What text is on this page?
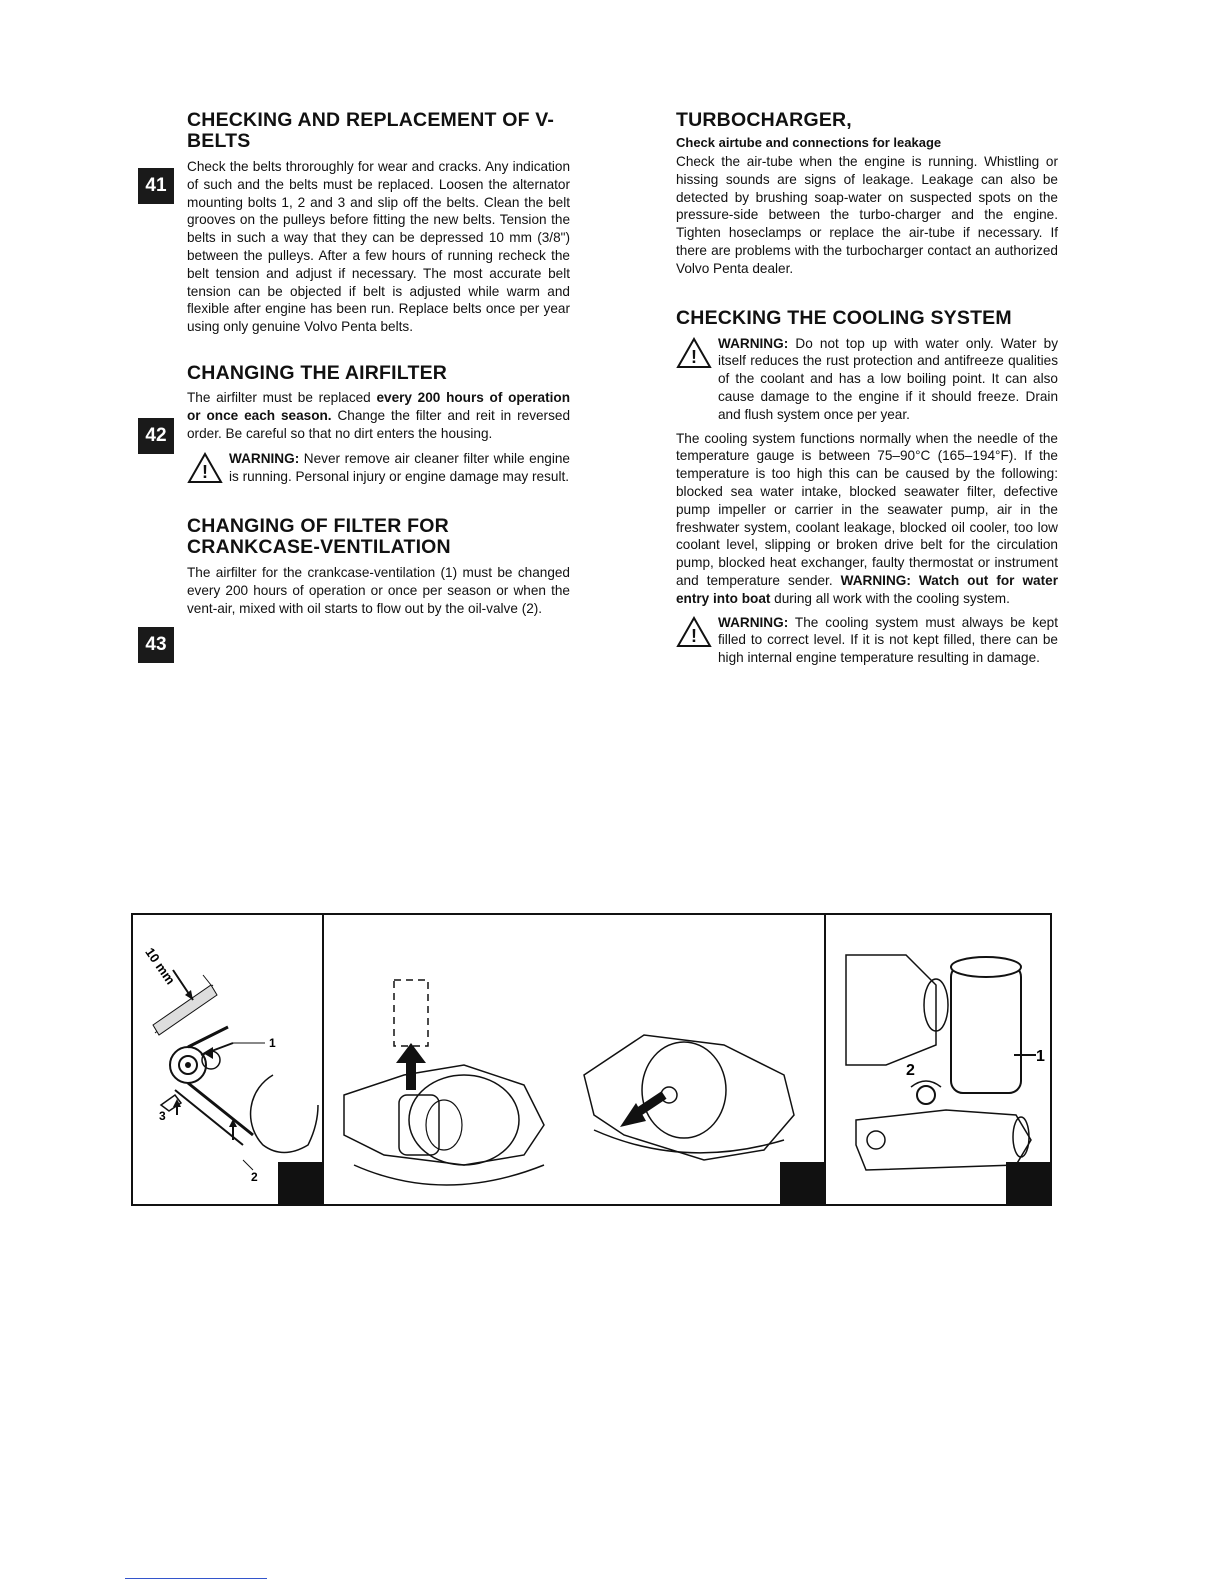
CHECKING AND REPLACEMENT OF V-BELTS

Check the belts throroughly for wear and cracks. Any indication of such and the belts must be replaced. Loosen the alternator mounting bolts 1, 2 and 3 and slip off the belts. Clean the belt grooves on the pulleys before fitting the new belts. Tension the belts in such a way that they can be depressed 10 mm (3/8") between the pulleys. After a few hours of running recheck the belt tension and adjust if necessary. The most accurate belt tension can be objected if belt is adjusted while warm and flexible after engine has been run. Replace belts once per year using only genuine Volvo Penta belts.

CHANGING THE AIRFILTER

The airfilter must be replaced every 200 hours of operation or once each season. Change the filter and reit in reversed order. Be careful so that no dirt enters the housing.

!

WARNING: Never remove air cleaner filter while engine is running. Personal injury or engine damage may result.

CHANGING OF FILTER FOR CRANKCASE-VENTILATION

The airfilter for the crankcase-ventilation (1) must be changed every 200 hours of operation or once per season or when the vent-air, mixed with oil starts to flow out by the oil-valve (2).

41
42
43
TURBOCHARGER,
Check airtube and connections for leakage

Check the air-tube when the engine is running. Whistling or hissing sounds are signs of leakage. Leakage can also be detected by brushing soap-water on suspected spots on the pressure-side between the turbo-charger and the engine. Tighten hoseclamps or replace the air-tube if necessary. If there are problems with the turbocharger contact an authorized Volvo Penta dealer.

CHECKING THE COOLING SYSTEM
!

WARNING: Do not top up with water only. Water by itself reduces the rust protection and antifreeze qualities of the coolant and has a low boiling point. It can also cause damage to the engine if it should freeze. Drain and flush system once per year.

The cooling system functions normally when the needle of the temperature gauge is between 75–90°C (165–194°F). If the temperature is too high this can be caused by the following: blocked sea water intake, blocked seawater filter, defective pump impeller or carrier in the seawater pump, air in the freshwater system, coolant leakage, blocked oil cooler, too low coolant level, slipping or broken drive belt for the circulation pump, blocked heat exchanger, faulty thermostat or instrument and temperature sender. WARNING: Watch out for water entry into boat during all work with the cooling system.

!

WARNING: The cooling system must always be kept filled to correct level. If it is not kept filled, there can be high internal engine temperature resulting in damage.

10 mm
1
2
3
1
2
